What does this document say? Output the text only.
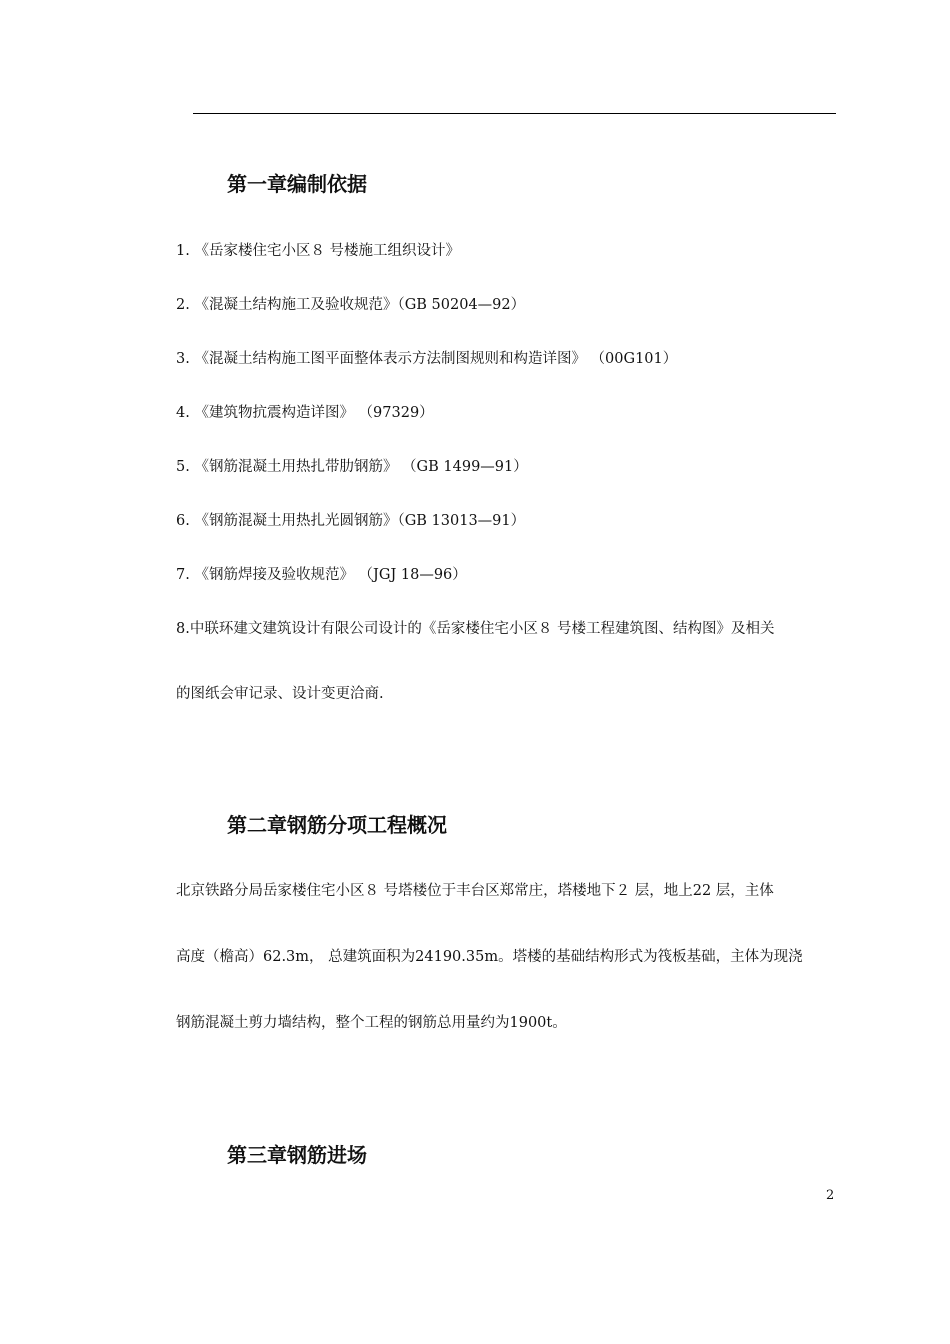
第一章编制依据

1. 《岳家楼住宅小区８ 号楼施工组织设计》

2. 《混凝土结构施工及验收规范》（GB 50204—92）

3. 《混凝土结构施工图平面整体表示方法制图规则和构造详图》 （00G101）

4. 《建筑物抗震构造详图》 （97329）

5. 《钢筋混凝土用热扎带肋钢筋》 （GB 1499—91）

6. 《钢筋混凝土用热扎光圆钢筋》（GB 13013—91）

7. 《钢筋焊接及验收规范》 （JGJ 18—96）

8.中联环建文建筑设计有限公司设计的《岳家楼住宅小区８ 号楼工程建筑图、结构图》及相关

的图纸会审记录、设计变更洽商.

第二章钢筋分项工程概况

北京铁路分局岳家楼住宅小区８ 号塔楼位于丰台区郑常庄，塔楼地下２ 层，地上22 层，主体

高度（檐高）62.3m， 总建筑面积为24190.35m。塔楼的基础结构形式为筏板基础，主体为现浇

钢筋混凝土剪力墙结构，整个工程的钢筋总用量约为1900t。

第三章钢筋进场
2
